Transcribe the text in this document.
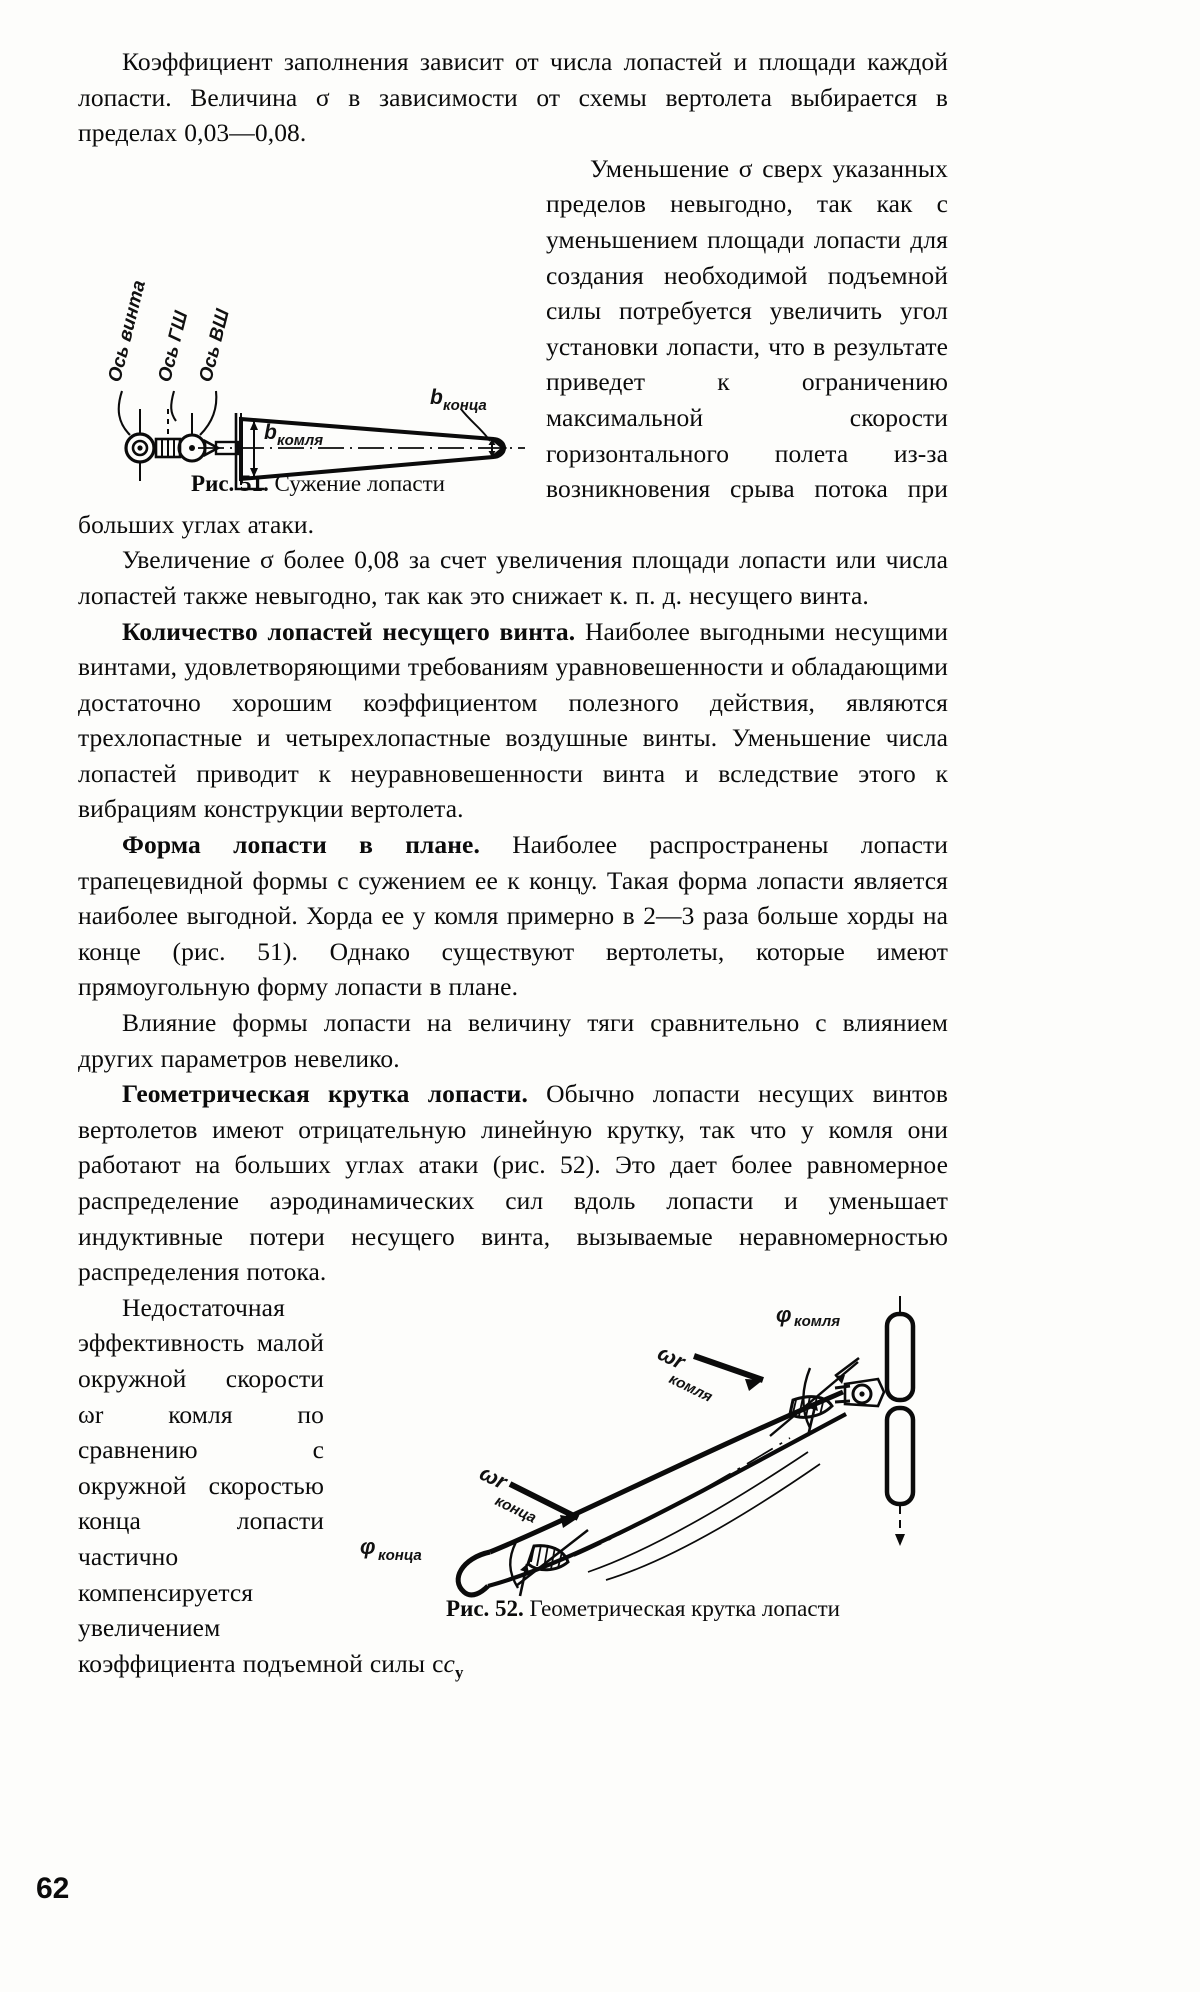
Коэффициент заполнения зависит от числа лопастей и площади каждой лопасти. Величина σ в зависимости от схемы вертолета выбирается в пределах 0,03—0,08.

Ось винта Ось ГШ Ось ВШ
b конца
b комля
Рис. 51. Сужение лопасти

Уменьшение σ сверх указанных пределов невыгодно, так как с уменьшением площади лопасти для создания необходимой подъемной силы потребуется увеличить угол установки лопасти, что в результате приведет к ограничению максимальной скорости горизонтального полета из-за возникновения срыва потока при больших углах атаки.

Увеличение σ более 0,08 за счет увеличения площади лопасти или числа лопастей также невыгодно, так как это снижает к. п. д. несущего винта.

Количество лопастей несущего винта. Наиболее выгодными несущими винтами, удовлетворяющими требованиям уравновешенности и обладающими достаточно хорошим коэффициентом полезного действия, являются трехлопастные и четырехлопастные воздушные винты. Уменьшение числа лопастей приводит к неуравновешенности винта и вследствие этого к вибрациям конструкции вертолета.

Форма лопасти в плане. Наиболее распространены лопасти трапецевидной формы с сужением ее к концу. Такая форма лопасти является наиболее выгодной. Хорда ее у комля примерно в 2—3 раза больше хорды на конце (рис. 51). Однако существуют вертолеты, которые имеют прямоугольную форму лопасти в плане.

Влияние формы лопасти на величину тяги сравнительно с влиянием других параметров невелико.

Геометрическая крутка лопасти. Обычно лопасти несущих винтов вертолетов имеют отрицательную линейную крутку, так что у комля они работают на больших углах атаки (рис. 52). Это дает более равномерное распределение аэродинамических сил вдоль лопасти и уменьшает индуктивные потери несущего винта, вызываемые неравномерностью распределения потока.

φ комля
ωr
комля
ωr
конца
φ конца
Рис. 52. Геометрическая крутка лопасти

Недостаточная эффективность малой окружной скорости ωr комля по сравнению с окружной скоростью конца лопасти частично компенсируется увеличением коэффициента подъемной силы $cc_y$

62
